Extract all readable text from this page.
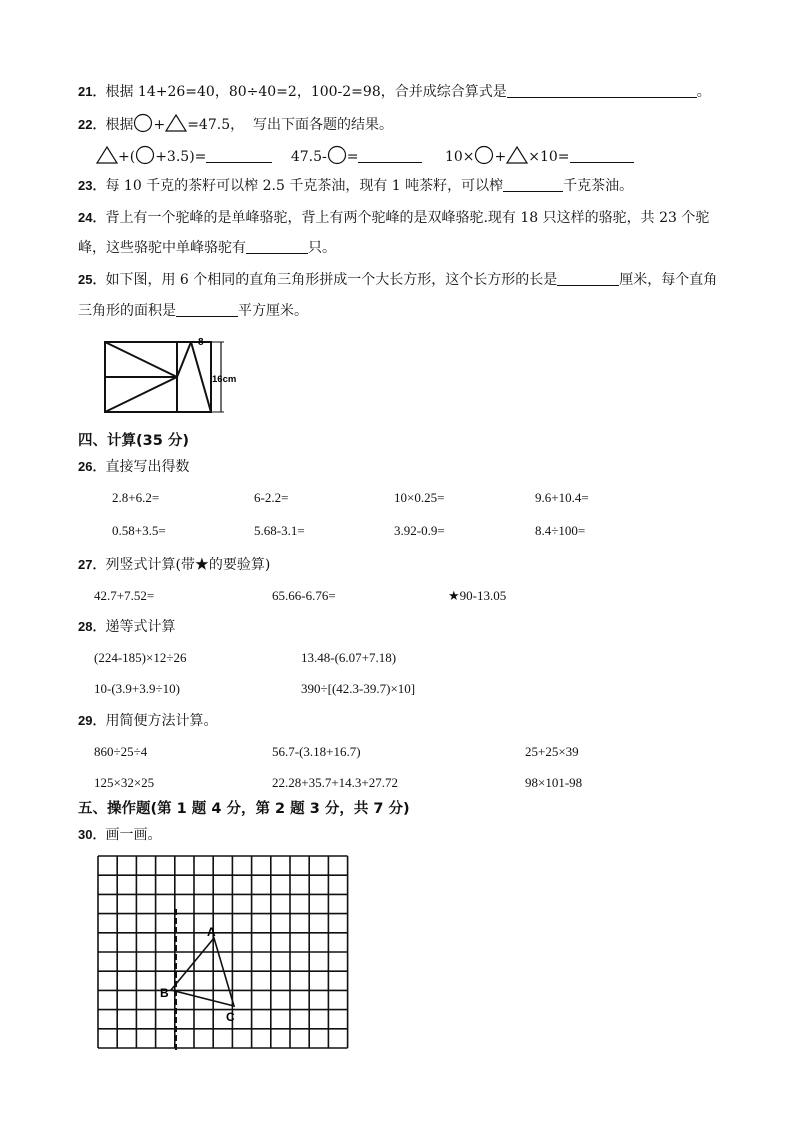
21．根据 14+26=40，80÷40=2，100-2=98，合并成综合算式是	。
22．根据 + =47.5， 写出下面各题的结果。
+( +3.5)=	47.5- =	10× + ×10=
23．每 10 千克的茶籽可以榨 2.5 千克茶油，现有 1 吨茶籽，可以榨	千克茶油。
24．背上有一个驼峰的是单峰骆驼，背上有两个驼峰的是双峰骆驼.现有 18 只这样的骆驼，共 23 个驼
峰，这些骆驼中单峰骆驼有	只。
25．如下图，用 6 个相同的直角三角形拼成一个大长方形，这个长方形的长是	厘米，每个直角
三角形的面积是	平方厘米。
8
16cm
四、计算(35 分)
26．直接写出得数
2.8+6.2=	6-2.2=	10×0.25=	9.6+10.4=
0.58+3.5=	5.68-3.1=	3.92-0.9=	8.4÷100=
27．列竖式计算(带★的要验算)
42.7+7.52=	65.66-6.76=	★90-13.05
28．递等式计算
(224-185)×12÷26	13.48-(6.07+7.18)
10-(3.9+3.9÷10)	390÷[(42.3-39.7)×10]
29．用简便方法计算。
860÷25÷4	56.7-(3.18+16.7)	25+25×39
125×32×25	22.28+35.7+14.3+27.72	98×101-98
五、操作题(第 1 题 4 分，第 2 题 3 分，共 7 分)
30．画一画。
A
B
C
